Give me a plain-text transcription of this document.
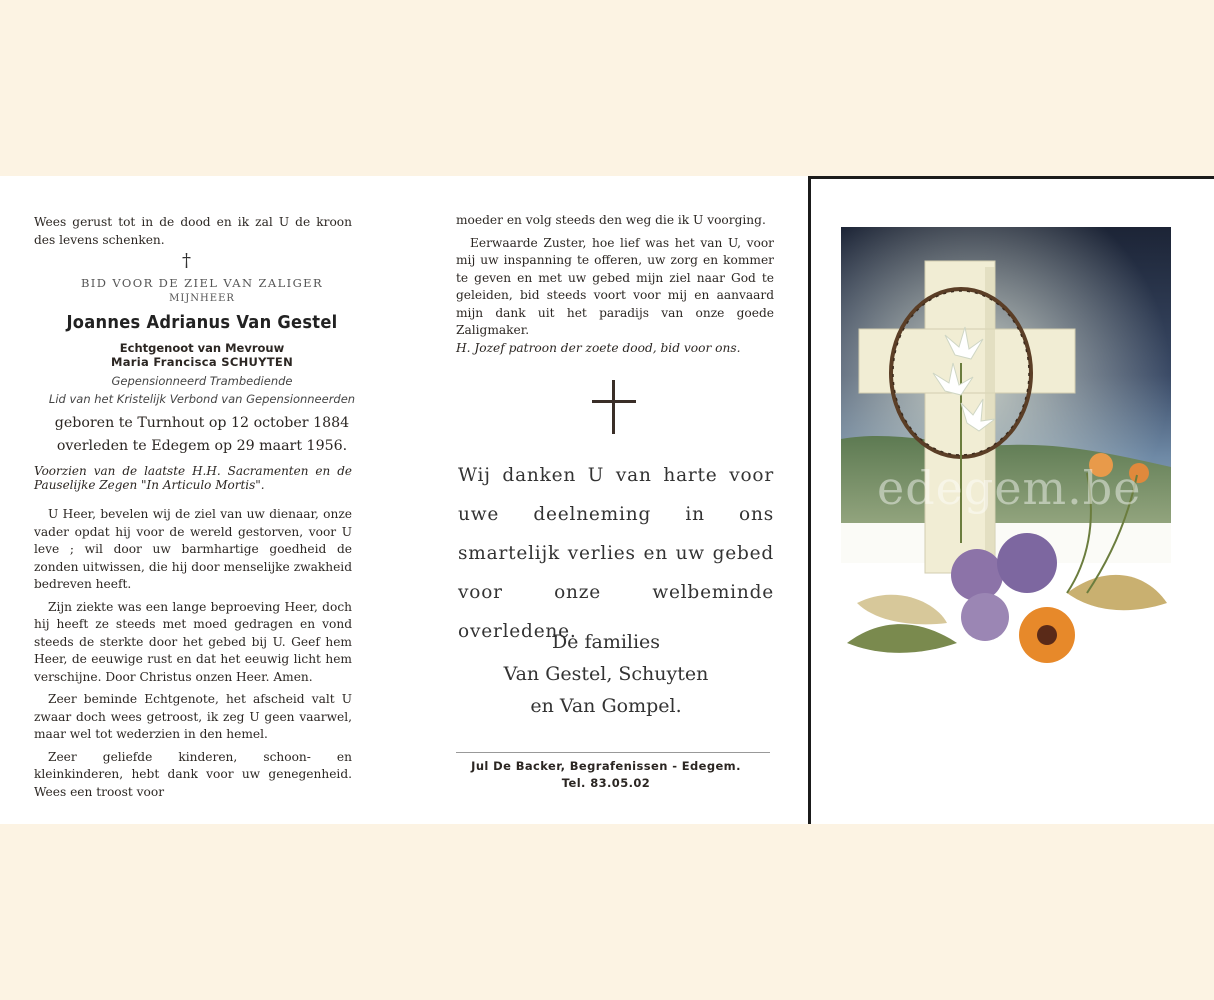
Wees gerust tot in de dood en ik zal U de kroon des levens schenken.
†
BID VOOR DE ZIEL VAN ZALIGER
MIJNHEER
Joannes Adrianus Van Gestel
Echtgenoot van Mevrouw
Maria Francisca SCHUYTEN
Gepensionneerd Trambediende
Lid van het Kristelijk Verbond van Gepensionneerden
geboren te Turnhout op 12 october 1884
overleden te Edegem op 29 maart 1956.
Voorzien van de laatste H.H. Sacramenten en de Pauselijke Zegen "In Articulo Mortis".

U Heer, bevelen wij de ziel van uw dienaar, onze vader opdat hij voor de wereld gestorven, voor U leve ; wil door uw barmhartige goedheid de zonden uitwissen, die hij door menselijke zwakheid bedreven heeft.

Zijn ziekte was een lange beproeving Heer, doch hij heeft ze steeds met moed gedragen en vond steeds de sterkte door het gebed bij U. Geef hem Heer, de eeuwige rust en dat het eeuwig licht hem verschijne. Door Christus onzen Heer. Amen.

Zeer beminde Echtgenote, het afscheid valt U zwaar doch wees getroost, ik zeg U geen vaarwel, maar wel tot wederzien in den hemel.

Zeer geliefde kinderen, schoon- en kleinkinderen, hebt dank voor uw genegenheid. Wees een troost voor

moeder en volg steeds den weg die ik U voorging.

Eerwaarde Zuster, hoe lief was het van U, voor mij uw inspanning te offeren, uw zorg en kommer te geven en met uw gebed mijn ziel naar God te geleiden, bid steeds voort voor mij en aanvaard mijn dank uit het paradijs van onze goede Zaligmaker.

H. Jozef patroon der zoete dood, bid voor ons.

Wij danken U van harte voor uwe deelneming in ons smartelijk verlies en uw gebed voor onze welbeminde overledene.
De families
Van Gestel, Schuyten
en Van Gompel.
Jul De Backer, Begrafenissen - Edegem.
Tel. 83.05.02
edegem.be
